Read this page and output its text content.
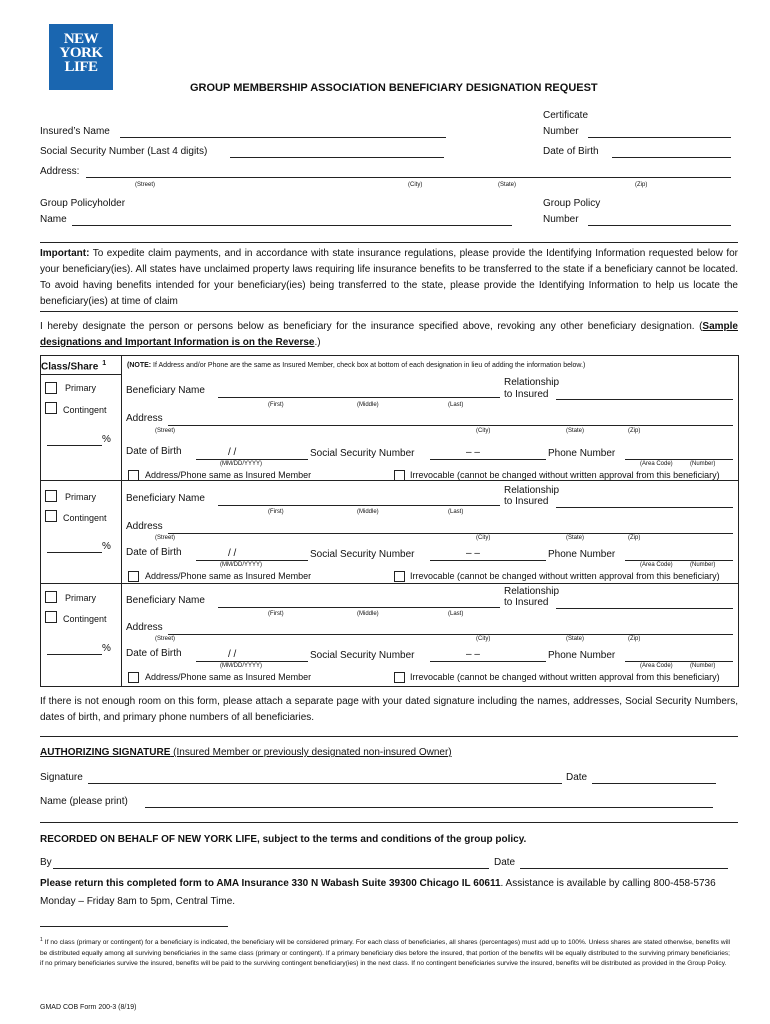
NEW
YORK
LIFE
GROUP MEMBERSHIP ASSOCIATION BENEFICIARY DESIGNATION REQUEST
Certificate
Insured’s Name	Number
Social Security Number (Last 4 digits)	Date of Birth
Address:
(Street)	(City)	(State)	(Zip)
Group Policyholder	Group Policy
Name	Number
Important: To expedite claim payments, and in accordance with state insurance regulations, please provide the Identifying Information requested below for your beneficiary(ies). All states have unclaimed property laws requiring life insurance benefits to be transferred to the state if a beneficiary cannot be located. To avoid having benefits intended for your beneficiary(ies) being transferred to the state, please provide the Identifying Information to help us locate the beneficiary(ies) at time of claim
I hereby designate the person or persons below as beneficiary for the insurance specified above, revoking any other beneficiary designation. (Sample designations and Important Information is on the Reverse.)
Class/Share $^1$	(NOTE: If Address and/or Phone are the same as Insured Member, check box at bottom of each designation in lieu of adding the information below.)
Primary
Contingent
%
Beneficiary Name
Relationship
to Insured
(First)	(Middle)	(Last)
Address
(Street)	(City)	(State)	(Zip)
Date of Birth	/ /
(MM/DD/YYYY)
Social Security Number	– –	Phone Number
(Area Code)	(Number)
Address/Phone same as Insured Member	Irrevocable (cannot be changed without written approval from this beneficiary)
Primary
Contingent
%
Beneficiary Name
Relationship
to Insured
(First)	(Middle)	(Last)
Address
(Street)	(City)	(State)	(Zip)
Date of Birth	/ /
(MM/DD/YYYY)
Social Security Number	– –	Phone Number
(Area Code)	(Number)
Address/Phone same as Insured Member	Irrevocable (cannot be changed without written approval from this beneficiary)
Primary
Contingent
%
Beneficiary Name
Relationship
to Insured
(First)	(Middle)	(Last)
Address
(Street)	(City)	(State)	(Zip)
Date of Birth	/ /
(MM/DD/YYYY)
Social Security Number	– –	Phone Number
(Area Code)	(Number)
Address/Phone same as Insured Member	Irrevocable (cannot be changed without written approval from this beneficiary)
If there is not enough room on this form, please attach a separate page with your dated signature including the names, addresses, Social Security Numbers, dates of birth, and primary phone numbers of all beneficiaries.
AUTHORIZING SIGNATURE (Insured Member or previously designated non-insured Owner)
Signature	Date
Name (please print)
RECORDED ON BEHALF OF NEW YORK LIFE, subject to the terms and conditions of the group policy.
By	Date
Please return this completed form to AMA Insurance 330 N Wabash Suite 39300 Chicago IL 60611. Assistance is available by calling 800-458-5736 Monday – Friday 8am to 5pm, Central Time.
$^1$ If no class (primary or contingent) for a beneficiary is indicated, the beneficiary will be considered primary. For each class of beneficiaries, all shares (percentages) must add up to 100%. Unless shares are stated otherwise, benefits will be distributed equally among all surviving beneficiaries in the same class (primary or contingent). If a primary beneficiary dies before the insured, that portion of the benefits will be equally distributed to the surviving primary beneficiaries; if no primary beneficiaries survive the insured, benefits will be paid to the surviving contingent beneficiary(ies) in the next class. If no contingent beneficiaries survive the insured, benefits will be distributed as provided in the Group Policy.
GMAD COB Form 200-3 (8/19)
